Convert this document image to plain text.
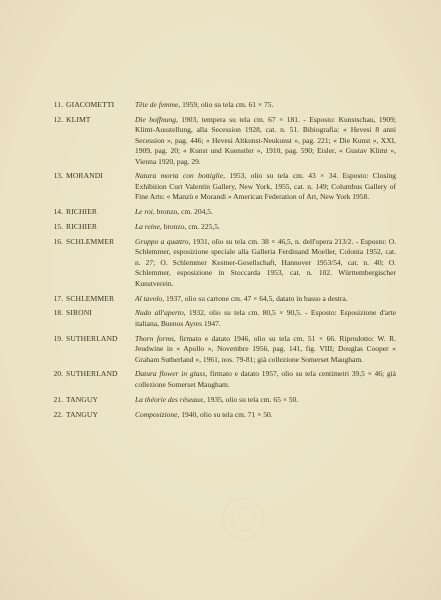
11. GIACOMETTI	Tête de femme, 1959, olio su tela cm. 61 × 75.
12. KLIMT	Die hoffnung, 1903, tempera su tela cm. 67 × 181. - Esposto: Kunstschau, 1909; Klimt-Ausstellung, alla Secession 1928, cat. n. 51. Bibiografia: « Hevesi 8 anni Secession », pag. 446; « Hevesi Altkunst-Neukunst », pag. 221; « Die Kunst », XXI, 1909, pag. 20; « Kunst und Kuenstler », 1910, pag. 590; Eisler, « Gustav Klimt », Vienna 1920, pag. 29.
13. MORANDI	Natura morta con bottiglie, 1953, olio su tela cm. 43 × 34. Esposto: Closing Exhibition Curt Valentin Gallery, New York, 1955, cat. n. 149; Columbus Gallery of Fine Arts: « Manzù e Morandi » American Federation of Art, New York 1958.
14. RICHIER	Le roi, bronzo, cm. 204,5.
15. RICHIER	La reine, bronzo, cm. 225,5.
16. SCHLEMMER	Gruppo a quattro, 1931, olio su tela cm. 38 × 46,5, n. dell'opera 213/2. - Esposto: O. Schlemmer, esposizione speciale alla Galleria Ferdinand Moeller, Colonia 1952, cat. n. 27; O. Schlemmer Kestner-Gesellschaft, Hannover 1953/54, cat. n. 40; O. Schlemmer, esposizione in Stoccarda 1953, cat. n. 102. Württembergischer Kunstverein.
17. SCHLEMMER	Al tavolo, 1937, olio su cartone cm. 47 × 64,5, datato in basso a destra.
18. SIRONI	Nudo all'aperto, 1932, olio su tela cm. 80,5 × 90,5. - Esposto: Esposizione d'arte italiana, Buenos Ayres 1947.
19. SUTHERLAND	Thorn forms, firmato e datato 1946, olio su tela cm. 51 × 66. Riprodotto: W. R. Jeudwine in « Apollo », Novembre 1956, pag. 141, fig. VIII; Douglas Cooper « Graham Sutherland », 1961, nos. 79-81; già collezione Somerset Maugham.
20. SUTHERLAND	Datura flower in glass, firmato e datato 1957, olio su tela centimetri 39,5 × 46; già collezione Somerset Maugham.
21. TANGUY	La théorie des réseaux, 1935, olio su tela cm. 65 × 50.
22. TANGUY	Composizione, 1940, olio su tela cm. 71 × 50.
